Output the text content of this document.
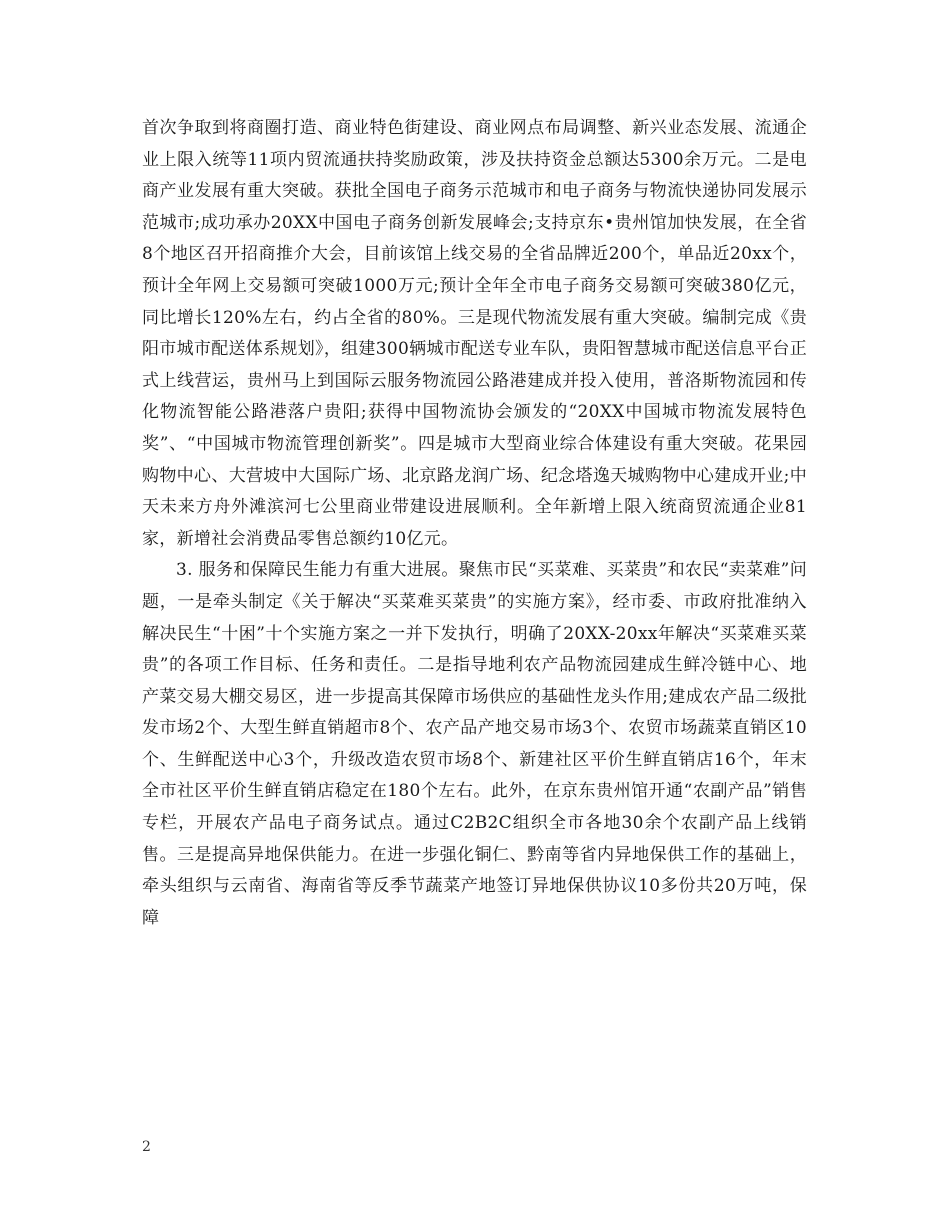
首次争取到将商圈打造、商业特色街建设、商业网点布局调整、新兴业态发展、流通企业上限入统等11项内贸流通扶持奖励政策，涉及扶持资金总额达5300余万元。二是电商产业发展有重大突破。获批全国电子商务示范城市和电子商务与物流快递协同发展示范城市;成功承办20XX中国电子商务创新发展峰会;支持京东•贵州馆加快发展，在全省8个地区召开招商推介大会，目前该馆上线交易的全省品牌近200个，单品近20xx个，预计全年网上交易额可突破1000万元;预计全年全市电子商务交易额可突破380亿元，同比增长120%左右，约占全省的80%。三是现代物流发展有重大突破。编制完成《贵阳市城市配送体系规划》，组建300辆城市配送专业车队，贵阳智慧城市配送信息平台正式上线营运，贵州马上到国际云服务物流园公路港建成并投入使用，普洛斯物流园和传化物流智能公路港落户贵阳;获得中国物流协会颁发的“20XX中国城市物流发展特色奖”、“中国城市物流管理创新奖”。四是城市大型商业综合体建设有重大突破。花果园购物中心、大营坡中大国际广场、北京路龙润广场、纪念塔逸天城购物中心建成开业;中天未来方舟外滩滨河七公里商业带建设进展顺利。全年新增上限入统商贸流通企业81家，新增社会消费品零售总额约10亿元。

3. 服务和保障民生能力有重大进展。聚焦市民“买菜难、买菜贵”和农民“卖菜难”问题，一是牵头制定《关于解决“买菜难买菜贵”的实施方案》，经市委、市政府批准纳入解决民生“十困”十个实施方案之一并下发执行，明确了20XX-20xx年解决“买菜难买菜贵”的各项工作目标、任务和责任。二是指导地利农产品物流园建成生鲜冷链中心、地产菜交易大棚交易区，进一步提高其保障市场供应的基础性龙头作用;建成农产品二级批发市场2个、大型生鲜直销超市8个、农产品产地交易市场3个、农贸市场蔬菜直销区10个、生鲜配送中心3个，升级改造农贸市场8个、新建社区平价生鲜直销店16个，年末全市社区平价生鲜直销店稳定在180个左右。此外，在京东贵州馆开通“农副产品”销售专栏，开展农产品电子商务试点。通过C2B2C组织全市各地30余个农副产品上线销售。三是提高异地保供能力。在进一步强化铜仁、黔南等省内异地保供工作的基础上，牵头组织与云南省、海南省等反季节蔬菜产地签订异地保供协议10多份共20万吨，保障

2
